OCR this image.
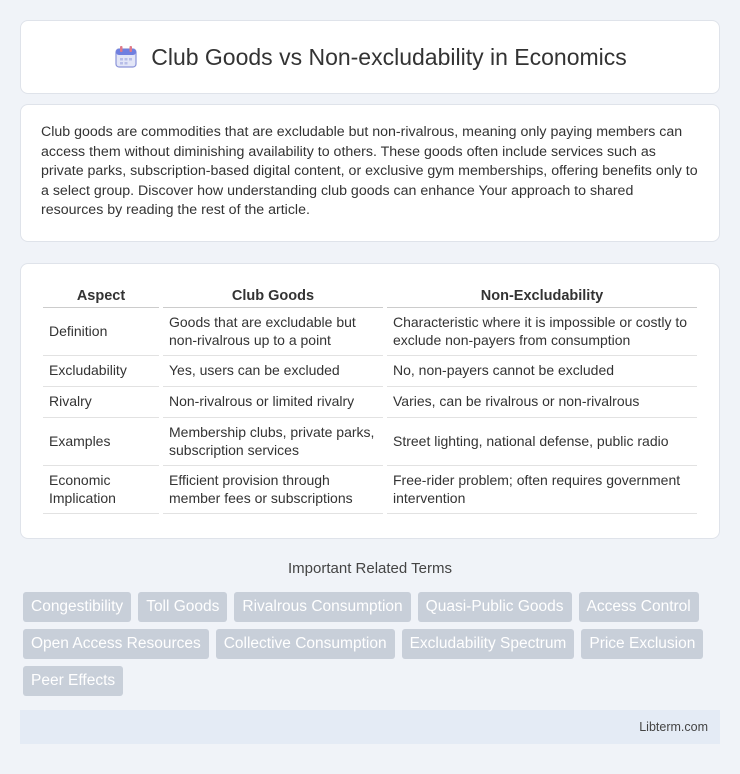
Club Goods vs Non-excludability in Economics

Club goods are commodities that are excludable but non-rivalrous, meaning only paying members can access them without diminishing availability to others. These goods often include services such as private parks, subscription-based digital content, or exclusive gym memberships, offering benefits only to a select group. Discover how understanding club goods can enhance Your approach to shared resources by reading the rest of the article.

Aspect	Club Goods	Non-Excludability
Definition	Goods that are excludable but non-rivalrous up to a point	Characteristic where it is impossible or costly to exclude non-payers from consumption
Excludability	Yes, users can be excluded	No, non-payers cannot be excluded
Rivalry	Non-rivalrous or limited rivalry	Varies, can be rivalrous or non-rivalrous
Examples	Membership clubs, private parks, subscription services	Street lighting, national defense, public radio
Economic Implication	Efficient provision through member fees or subscriptions	Free-rider problem; often requires government intervention
Important Related Terms
Congestibility Toll Goods Rivalrous Consumption Quasi-Public Goods Access ControlOpen Access Resources Collective Consumption Excludability Spectrum Price ExclusionPeer Effects
Libterm.com
